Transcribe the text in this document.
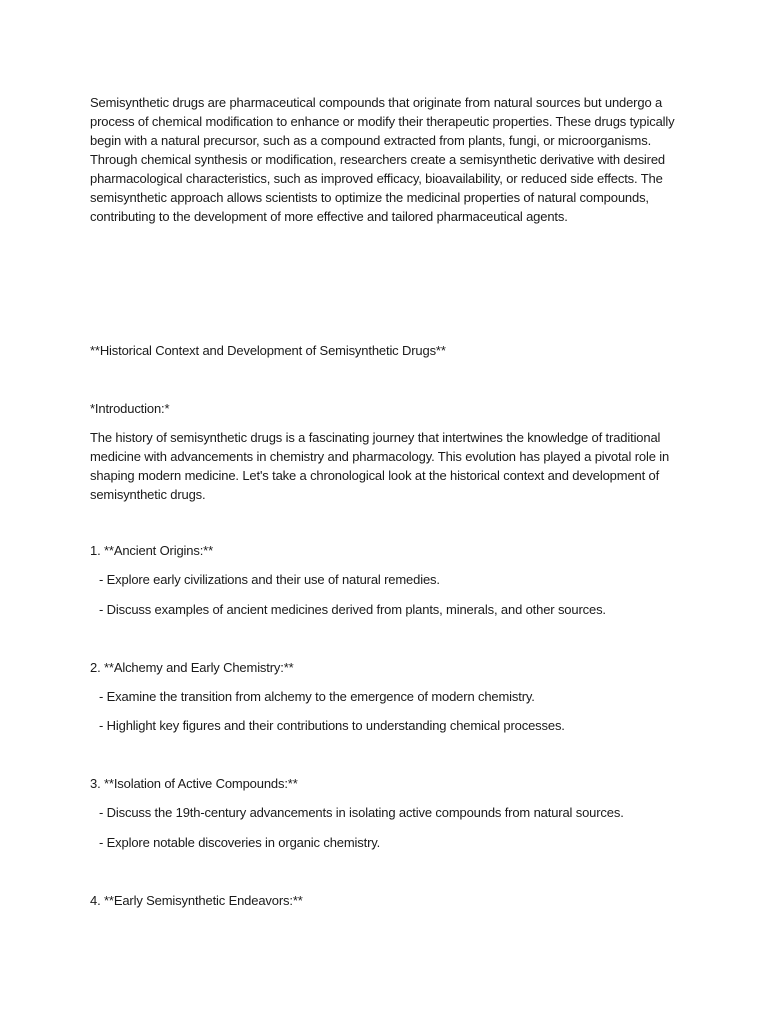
Semisynthetic drugs are pharmaceutical compounds that originate from natural sources but undergo a process of chemical modification to enhance or modify their therapeutic properties. These drugs typically begin with a natural precursor, such as a compound extracted from plants, fungi, or microorganisms. Through chemical synthesis or modification, researchers create a semisynthetic derivative with desired pharmacological characteristics, such as improved efficacy, bioavailability, or reduced side effects. The semisynthetic approach allows scientists to optimize the medicinal properties of natural compounds, contributing to the development of more effective and tailored pharmaceutical agents.

**Historical Context and Development of Semisynthetic Drugs**

*Introduction:*

The history of semisynthetic drugs is a fascinating journey that intertwines the knowledge of traditional medicine with advancements in chemistry and pharmacology. This evolution has played a pivotal role in shaping modern medicine. Let's take a chronological look at the historical context and development of semisynthetic drugs.

1. **Ancient Origins:**

- Explore early civilizations and their use of natural remedies.

- Discuss examples of ancient medicines derived from plants, minerals, and other sources.

2. **Alchemy and Early Chemistry:**

- Examine the transition from alchemy to the emergence of modern chemistry.

- Highlight key figures and their contributions to understanding chemical processes.

3. **Isolation of Active Compounds:**

- Discuss the 19th-century advancements in isolating active compounds from natural sources.

- Explore notable discoveries in organic chemistry.

4. **Early Semisynthetic Endeavors:**
